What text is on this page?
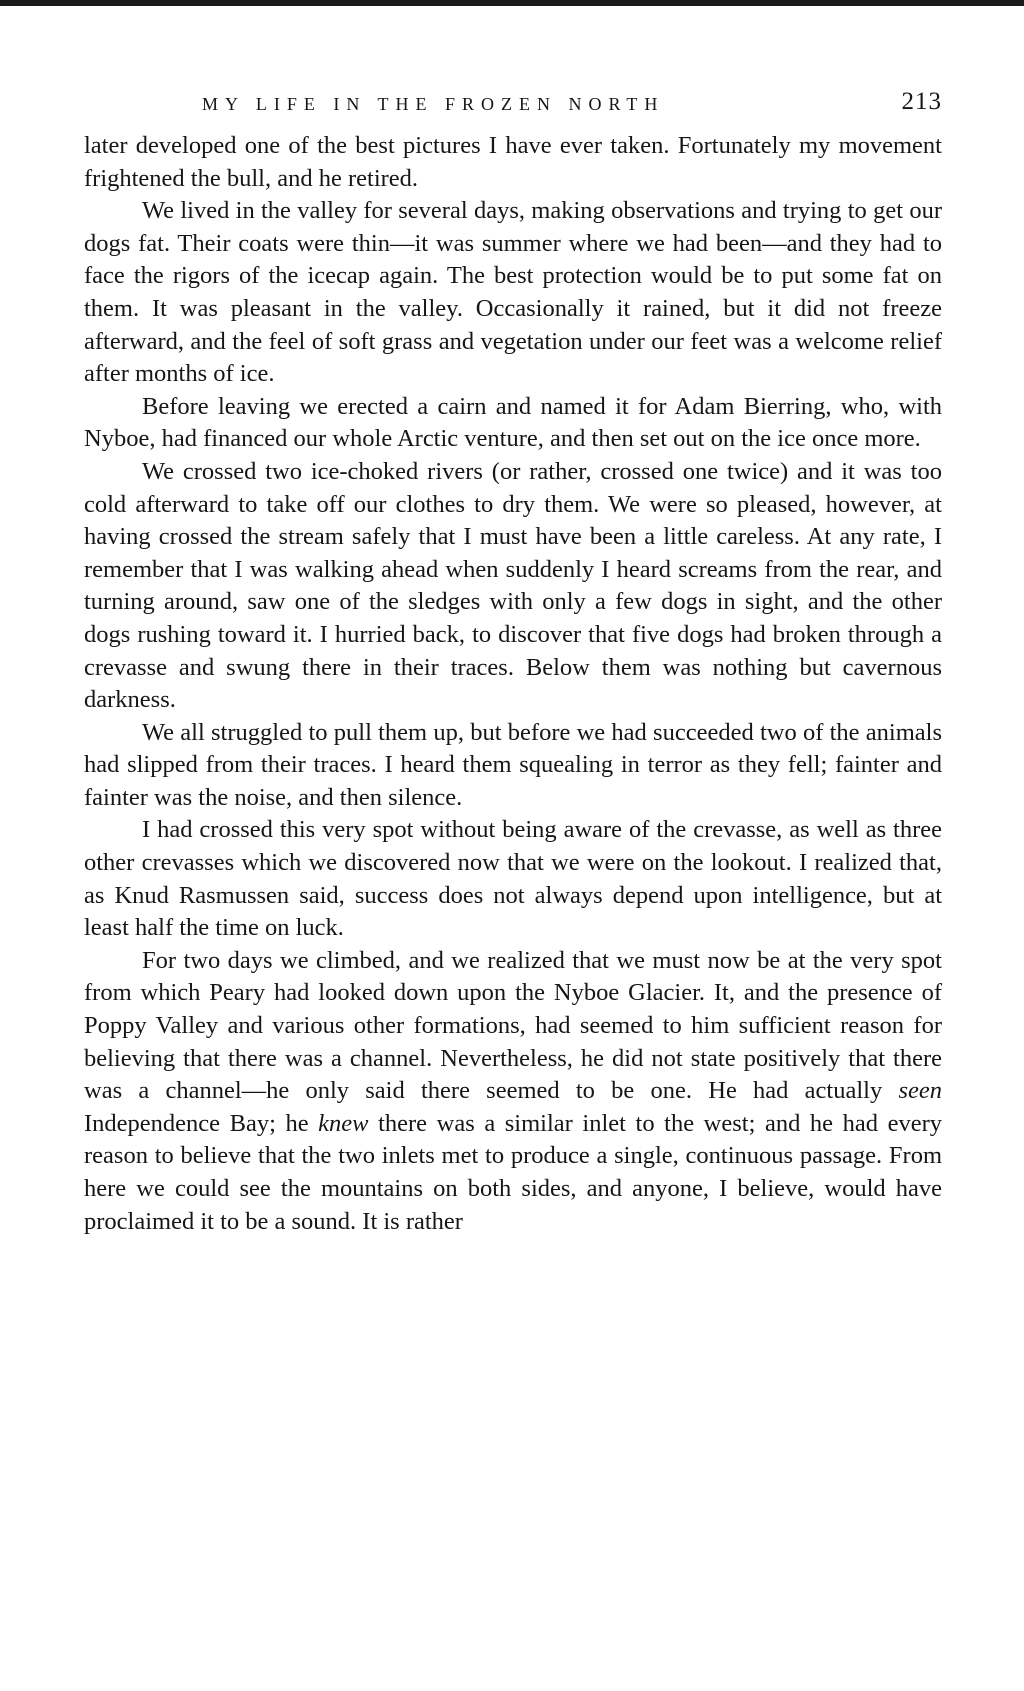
MY LIFE IN THE FROZEN NORTH	213

later developed one of the best pictures I have ever taken. Fortunately my movement frightened the bull, and he retired.

We lived in the valley for several days, making observations and trying to get our dogs fat. Their coats were thin—it was summer where we had been—and they had to face the rigors of the icecap again. The best protection would be to put some fat on them. It was pleasant in the valley. Occasionally it rained, but it did not freeze afterward, and the feel of soft grass and vegetation under our feet was a welcome relief after months of ice.

Before leaving we erected a cairn and named it for Adam Bierring, who, with Nyboe, had financed our whole Arctic venture, and then set out on the ice once more.

We crossed two ice-choked rivers (or rather, crossed one twice) and it was too cold afterward to take off our clothes to dry them. We were so pleased, however, at having crossed the stream safely that I must have been a little careless. At any rate, I remember that I was walking ahead when suddenly I heard screams from the rear, and turning around, saw one of the sledges with only a few dogs in sight, and the other dogs rushing toward it. I hurried back, to discover that five dogs had broken through a crevasse and swung there in their traces. Below them was nothing but cavernous darkness.

We all struggled to pull them up, but before we had succeeded two of the animals had slipped from their traces. I heard them squealing in terror as they fell; fainter and fainter was the noise, and then silence.

I had crossed this very spot without being aware of the crevasse, as well as three other crevasses which we discovered now that we were on the lookout. I realized that, as Knud Rasmussen said, success does not always depend upon intelligence, but at least half the time on luck.

For two days we climbed, and we realized that we must now be at the very spot from which Peary had looked down upon the Nyboe Glacier. It, and the presence of Poppy Valley and various other formations, had seemed to him sufficient reason for believing that there was a channel. Nevertheless, he did not state positively that there was a channel—he only said there seemed to be one. He had actually seen Independence Bay; he knew there was a similar inlet to the west; and he had every reason to believe that the two inlets met to produce a single, continuous passage. From here we could see the mountains on both sides, and anyone, I believe, would have proclaimed it to be a sound. It is rather
